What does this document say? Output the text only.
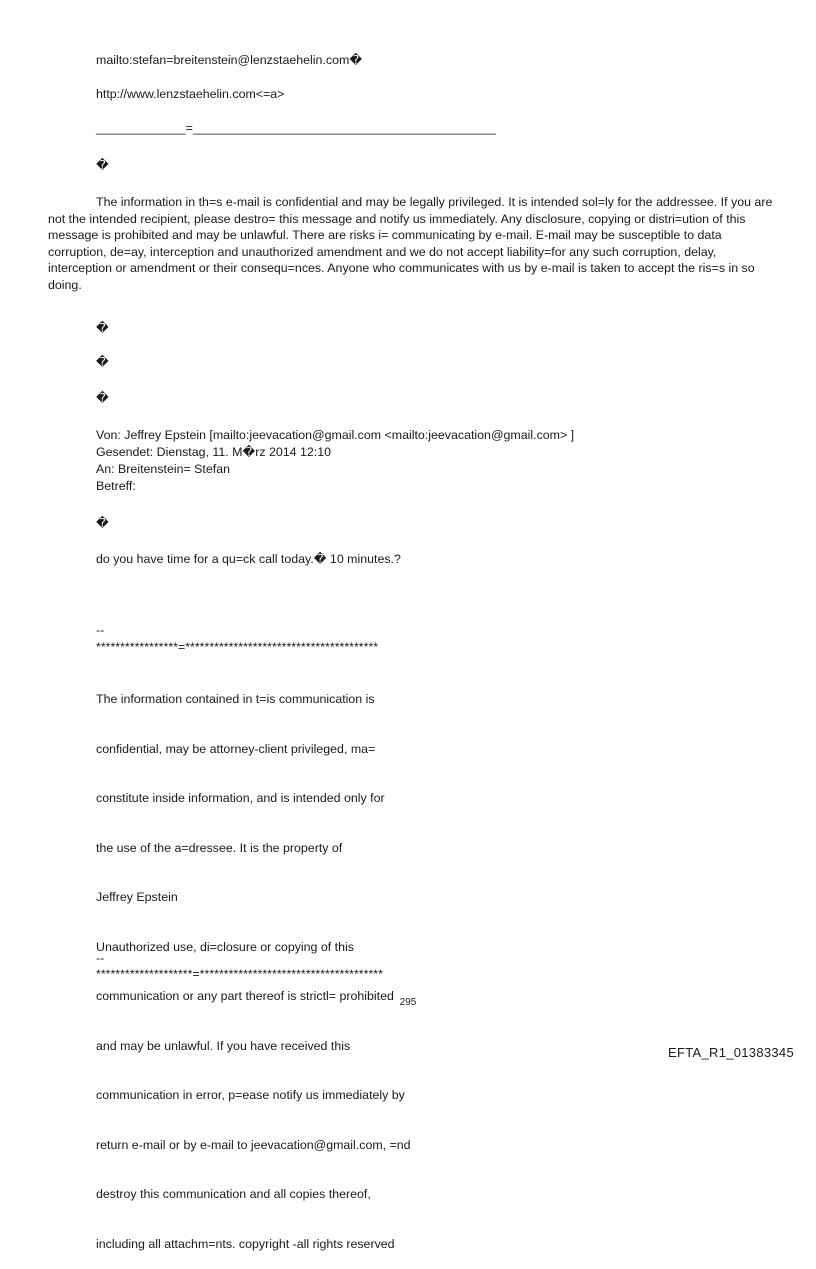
mailto:stefan=breitenstein@lenzstaehelin.com�

http://www.lenzstaehelin.com<=a>

_____________=____________________________________________

�

The information in th=s e-mail is confidential and may be legally privileged. It is intended sol=ly for the addressee. If you are not the intended recipient, please destro= this message and notify us immediately. Any disclosure, copying or distri=ution of this message is prohibited and may be unlawful. There are risks i= communicating by e-mail. E-mail may be susceptible to data corruption, de=ay, interception and unauthorized amendment and we do not accept liability=for any such corruption, delay, interception or amendment or their consequ=nces. Anyone who communicates with us by e-mail is taken to accept the ris=s in so doing.

�

�

�

Von: Jeffrey Epstein [mailto:jeevacation@gmail.com <mailto:jeevacation@gmail.com> ]

Gesendet: Dienstag, 11. M�rz 2014 12:10

An: Breitenstein= Stefan

Betreff:

�

do you have time for a qu=ck call today.� 10 minutes.?

--

*****************=****************************************

The information contained in t=is communication is

confidential, may be attorney-client privileged, ma=

constitute inside information, and is intended only for

the use of the a=dressee. It is the property of

Jeffrey Epstein

Unauthorized use, di=closure or copying of this

communication or any part thereof is strictl= prohibited

and may be unlawful. If you have received this

communication in error, p=ease notify us immediately by

return e-mail or by e-mail to jeevacation@gmail.com, =nd

destroy this communication and all copies thereof,

including all attachm=nts. copyright -all rights reserved

--

********************=**************************************

295
EFTA_R1_01383345
